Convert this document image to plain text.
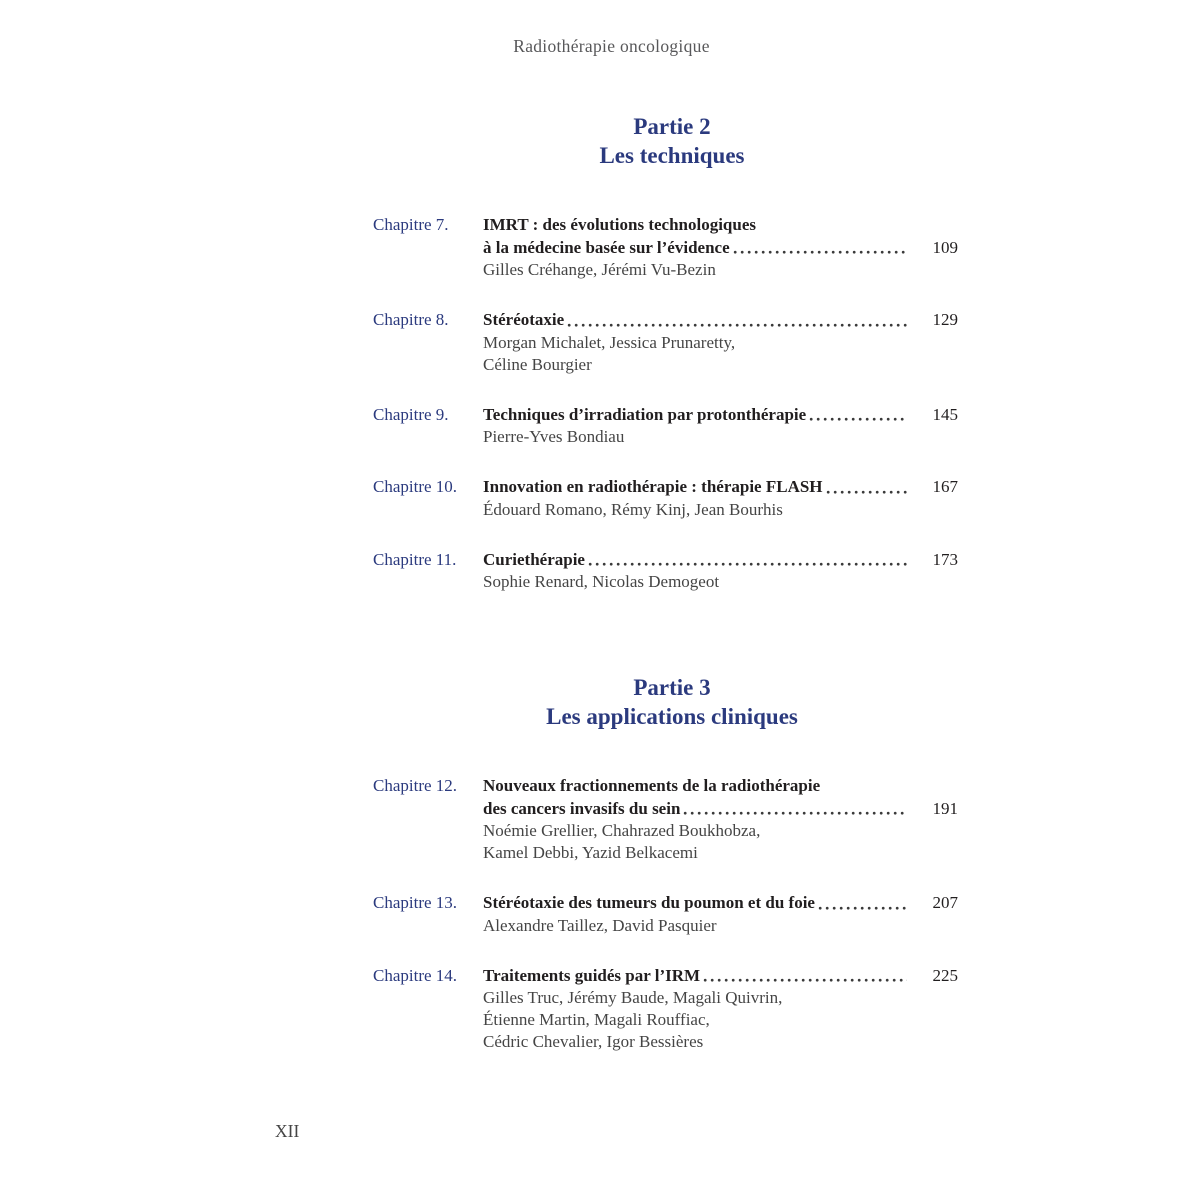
Radiothérapie oncologique
Partie 2
Les techniques
Chapitre 7.	IMRT : des évolutions technologiques
à la médecine basée sur l’évidence	109
Gilles Créhange, Jérémi Vu-Bezin
Chapitre 8.	Stéréotaxie	129
Morgan Michalet, Jessica Prunaretty,
Céline Bourgier
Chapitre 9.	Techniques d’irradiation par protonthérapie	145
Pierre-Yves Bondiau
Chapitre 10.	Innovation en radiothérapie : thérapie FLASH	167
Édouard Romano, Rémy Kinj, Jean Bourhis
Chapitre 11.	Curiethérapie	173
Sophie Renard, Nicolas Demogeot
Partie 3
Les applications cliniques
Chapitre 12.	Nouveaux fractionnements de la radiothérapie
des cancers invasifs du sein	191
Noémie Grellier, Chahrazed Boukhobza,
Kamel Debbi, Yazid Belkacemi
Chapitre 13.	Stéréotaxie des tumeurs du poumon et du foie	207
Alexandre Taillez, David Pasquier
Chapitre 14.	Traitements guidés par l’IRM	225
Gilles Truc, Jérémy Baude, Magali Quivrin,
Étienne Martin, Magali Rouffiac,
Cédric Chevalier, Igor Bessières
XII
